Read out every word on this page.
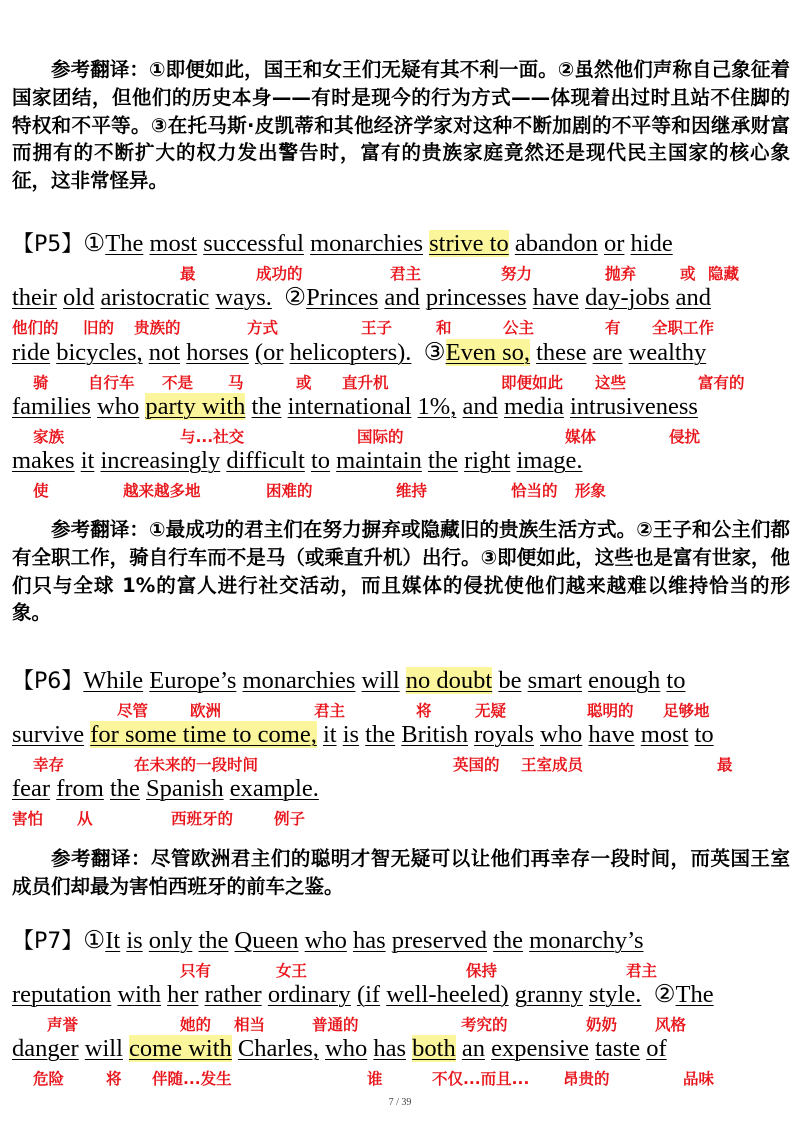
参考翻译：①即便如此，国王和女王们无疑有其不利一面。②虽然他们声称自己象征着国家团结，但他们的历史本身——有时是现今的行为方式——体现着出过时且站不住脚的特权和不平等。③在托马斯·皮凯蒂和其他经济学家对这种不断加剧的不平等和因继承财富而拥有的不断扩大的权力发出警告时，富有的贵族家庭竟然还是现代民主国家的核心象征，这非常怪异。

【P5】①The most successful monarchies strive to abandon or hide
最	成功的	君主	努力	抛弃	或 隐藏
their old aristocratic ways. ②Princes and princesses have day-jobs and
他们的 旧的 贵族的	方式	王子	和	公主	有 全职工作
ride bicycles, not horses (or helicopters). ③Even so, these are wealthy
骑	自行车 不是 马	或 直升机	即便如此 这些	富有的
families who party with the international 1%, and media intrusiveness
家族	与...社交	国际的	媒体	侵扰
makes it increasingly difficult to maintain the right image.
使	越来越多地	困难的	维持	恰当的 形象

参考翻译：①最成功的君主们在努力摒弃或隐藏旧的贵族生活方式。②王子和公主们都有全职工作，骑自行车而不是马（或乘直升机）出行。③即便如此，这些也是富有世家，他们只与全球 1%的富人进行社交活动，而且媒体的侵扰使他们越来越难以维持恰当的形象。

【P6】While Europe’s monarchies will no doubt be smart enough to
尽管	欧洲	君主	将	无疑	聪明的 足够地
survive for some time to come, it is the British royals who have most to
幸存	在未来的一段时间	英国的 王室成员	最
fear from the Spanish example.
害怕 从	西班牙的	例子

参考翻译：尽管欧洲君主们的聪明才智无疑可以让他们再幸存一段时间，而英国王室成员们却最为害怕西班牙的前车之鉴。

【P7】①It is only the Queen who has preserved the monarchy’s
只有	女王	保持	君主
reputation with her rather ordinary (if well-heeled) granny style. ②The
声誉	她的 相当	普通的	考究的	奶奶 风格
danger will come with Charles, who has both an expensive taste of
危险	将 伴随...发生	谁	不仅...而且... 昂贵的	品味
7 / 39
